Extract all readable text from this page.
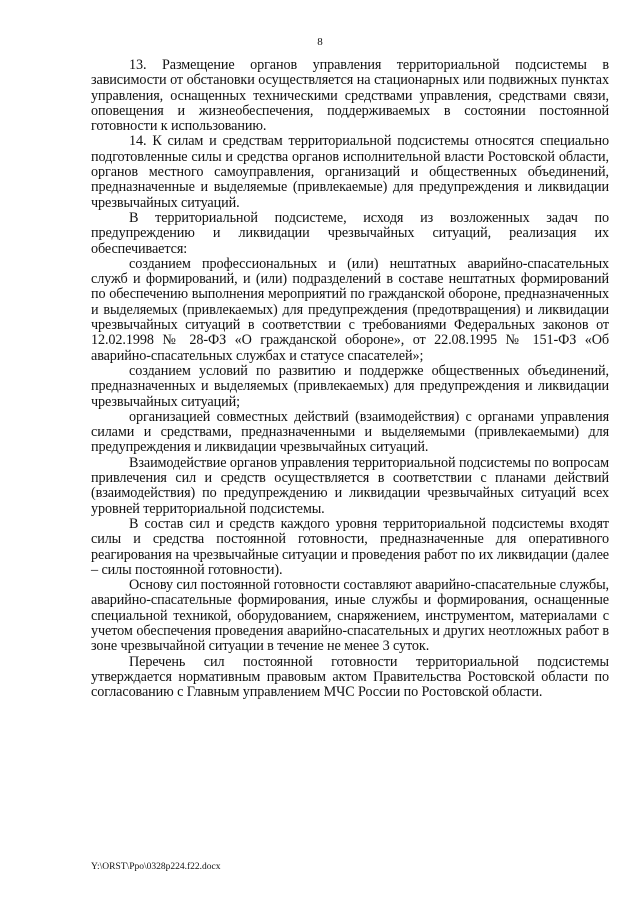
8

13. Размещение органов управления территориальной подсистемы в зависимости от обстановки осуществляется на стационарных или подвижных пунктах управления, оснащенных техническими средствами управления, средствами связи, оповещения и жизнеобеспечения, поддерживаемых в состоянии постоянной готовности к использованию.

14. К силам и средствам территориальной подсистемы относятся специально подготовленные силы и средства органов исполнительной власти Ростовской области, органов местного самоуправления, организаций и общественных объединений, предназначенные и выделяемые (привлекаемые) для предупреждения и ликвидации чрезвычайных ситуаций.

В территориальной подсистеме, исходя из возложенных задач по предупреждению и ликвидации чрезвычайных ситуаций, реализация их обеспечивается:

созданием профессиональных и (или) нештатных аварийно-спасательных служб и формирований, и (или) подразделений в составе нештатных формирований по обеспечению выполнения мероприятий по гражданской обороне, предназначенных и выделяемых (привлекаемых) для предупреждения (предотвращения) и ликвидации чрезвычайных ситуаций в соответствии с требованиями Федеральных законов от 12.02.1998 № 28-ФЗ «О гражданской обороне», от 22.08.1995 № 151-ФЗ «Об аварийно-спасательных службах и статусе спасателей»;

созданием условий по развитию и поддержке общественных объединений, предназначенных и выделяемых (привлекаемых) для предупреждения и ликвидации чрезвычайных ситуаций;

организацией совместных действий (взаимодействия) с органами управления силами и средствами, предназначенными и выделяемыми (привлекаемыми) для предупреждения и ликвидации чрезвычайных ситуаций.

Взаимодействие органов управления территориальной подсистемы по вопросам привлечения сил и средств осуществляется в соответствии с планами действий (взаимодействия) по предупреждению и ликвидации чрезвычайных ситуаций всех уровней территориальной подсистемы.

В состав сил и средств каждого уровня территориальной подсистемы входят силы и средства постоянной готовности, предназначенные для оперативного реагирования на чрезвычайные ситуации и проведения работ по их ликвидации (далее – силы постоянной готовности).

Основу сил постоянной готовности составляют аварийно-спасательные службы, аварийно-спасательные формирования, иные службы и формирования, оснащенные специальной техникой, оборудованием, снаряжением, инструментом, материалами с учетом обеспечения проведения аварийно-спасательных и других неотложных работ в зоне чрезвычайной ситуации в течение не менее 3 суток.

Перечень сил постоянной готовности территориальной подсистемы утверждается нормативным правовым актом Правительства Ростовской области по согласованию с Главным управлением МЧС России по Ростовской области.

Y:\ORST\Ppo\0328p224.f22.docx
